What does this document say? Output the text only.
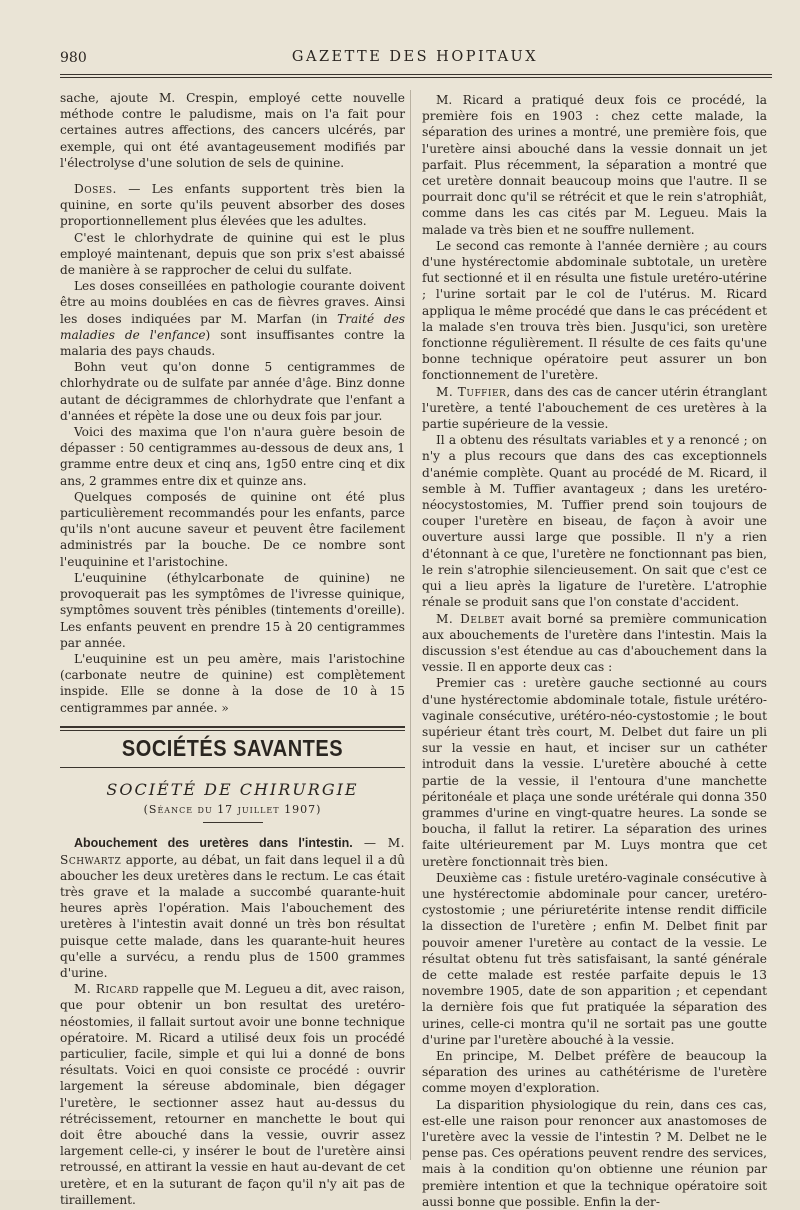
980	GAZETTE DES HOPITAUX

sache, ajoute M. Crespin, employé cette nouvelle méthode contre le paludisme, mais on l'a fait pour certaines autres affections, des cancers ulcérés, par exemple, qui ont été avantageusement modifiés par l'électrolyse d'une solution de sels de quinine.

Doses. — Les enfants supportent très bien la quinine, en sorte qu'ils peuvent absorber des doses proportionnellement plus élevées que les adultes.

C'est le chlorhydrate de quinine qui est le plus employé maintenant, depuis que son prix s'est abaissé de manière à se rapprocher de celui du sulfate.

Les doses conseillées en pathologie courante doivent être au moins doublées en cas de fièvres graves. Ainsi les doses indiquées par M. Marfan (in Traité des maladies de l'enfance) sont insuffisantes contre la malaria des pays chauds.

Bohn veut qu'on donne 5 centigrammes de chlorhydrate ou de sulfate par année d'âge. Binz donne autant de décigrammes de chlorhydrate que l'enfant a d'années et répète la dose une ou deux fois par jour.

Voici des maxima que l'on n'aura guère besoin de dépasser : 50 centigrammes au-dessous de deux ans, 1 gramme entre deux et cinq ans, 1g50 entre cinq et dix ans, 2 grammes entre dix et quinze ans.

Quelques composés de quinine ont été plus particulièrement recommandés pour les enfants, parce qu'ils n'ont aucune saveur et peuvent être facilement administrés par la bouche. De ce nombre sont l'euquinine et l'aristochine.

L'euquinine (éthylcarbonate de quinine) ne provoquerait pas les symptômes de l'ivresse quinique, symptômes souvent très pénibles (tintements d'oreille). Les enfants peuvent en prendre 15 à 20 centigrammes par année.

L'euquinine est un peu amère, mais l'aristochine (carbonate neutre de quinine) est complètement inspide. Elle se donne à la dose de 10 à 15 centigrammes par année. »

SOCIÉTÉS SAVANTES
SOCIÉTÉ DE CHIRURGIE
(Séance du 17 juillet 1907)

Abouchement des uretères dans l'intestin. — M. Schwartz apporte, au débat, un fait dans lequel il a dû aboucher les deux uretères dans le rectum. Le cas était très grave et la malade a succombé quarante-huit heures après l'opération. Mais l'abouchement des uretères à l'intestin avait donné un très bon résultat puisque cette malade, dans les quarante-huit heures qu'elle a survécu, a rendu plus de 1500 grammes d'urine.

M. Ricard rappelle que M. Legueu a dit, avec raison, que pour obtenir un bon resultat des uretéro-néostomies, il fallait surtout avoir une bonne technique opératoire. M. Ricard a utilisé deux fois un procédé particulier, facile, simple et qui lui a donné de bons résultats. Voici en quoi consiste ce procédé : ouvrir largement la séreuse abdominale, bien dégager l'uretère, le sectionner assez haut au-dessus du rétrécissement, retourner en manchette le bout qui doit être abouché dans la vessie, ouvrir assez largement celle-ci, y insérer le bout de l'uretère ainsi retroussé, en attirant la vessie en haut au-devant de cet uretère, et en la suturant de façon qu'il n'y ait pas de tiraillement.

M. Ricard a pratiqué deux fois ce procédé, la première fois en 1903 : chez cette malade, la séparation des urines a montré, une première fois, que l'uretère ainsi abouché dans la vessie donnait un jet parfait. Plus récemment, la séparation a montré que cet uretère donnait beaucoup moins que l'autre. Il se pourrait donc qu'il se rétrécit et que le rein s'atrophiât, comme dans les cas cités par M. Legueu. Mais la malade va très bien et ne souffre nullement.

Le second cas remonte à l'année dernière ; au cours d'une hystérectomie abdominale subtotale, un uretère fut sectionné et il en résulta une fistule uretéro-utérine ; l'urine sortait par le col de l'utérus. M. Ricard appliqua le même procédé que dans le cas précédent et la malade s'en trouva très bien. Jusqu'ici, son uretère fonctionne régulièrement. Il résulte de ces faits qu'une bonne technique opératoire peut assurer un bon fonctionnement de l'uretère.

M. Tuffier, dans des cas de cancer utérin étranglant l'uretère, a tenté l'abouchement de ces uretères à la partie supérieure de la vessie.

Il a obtenu des résultats variables et y a renoncé ; on n'y a plus recours que dans des cas exceptionnels d'anémie complète. Quant au procédé de M. Ricard, il semble à M. Tuffier avantageux ; dans les uretéro-néocystostomies, M. Tuffier prend soin toujours de couper l'uretère en biseau, de façon à avoir une ouverture aussi large que possible. Il n'y a rien d'étonnant à ce que, l'uretère ne fonctionnant pas bien, le rein s'atrophie silencieusement. On sait que c'est ce qui a lieu après la ligature de l'uretère. L'atrophie rénale se produit sans que l'on constate d'accident.

M. Delbet avait borné sa première communication aux abouchements de l'uretère dans l'intestin. Mais la discussion s'est étendue au cas d'abouchement dans la vessie. Il en apporte deux cas :

Premier cas : uretère gauche sectionné au cours d'une hystérectomie abdominale totale, fistule urétéro-vaginale consécutive, urétéro-néo-cystostomie ; le bout supérieur étant très court, M. Delbet dut faire un pli sur la vessie en haut, et inciser sur un cathéter introduit dans la vessie. L'uretère abouché à cette partie de la vessie, il l'entoura d'une manchette péritonéale et plaça une sonde urétérale qui donna 350 grammes d'urine en vingt-quatre heures. La sonde se boucha, il fallut la retirer. La séparation des urines faite ultérieurement par M. Luys montra que cet uretère fonctionnait très bien.

Deuxième cas : fistule uretéro-vaginale consécutive à une hystérectomie abdominale pour cancer, uretéro-cystostomie ; une périuretérite intense rendit difficile la dissection de l'uretère ; enfin M. Delbet finit par pouvoir amener l'uretère au contact de la vessie. Le résultat obtenu fut très satisfaisant, la santé générale de cette malade est restée parfaite depuis le 13 novembre 1905, date de son apparition ; et cependant la dernière fois que fut pratiquée la séparation des urines, celle-ci montra qu'il ne sortait pas une goutte d'urine par l'uretère abouché à la vessie.

En principe, M. Delbet préfère de beaucoup la séparation des urines au cathétérisme de l'uretère comme moyen d'exploration.

La disparition physiologique du rein, dans ces cas, est-elle une raison pour renoncer aux anastomoses de l'uretère avec la vessie de l'intestin ? M. Delbet ne le pense pas. Ces opérations peuvent rendre des services, mais à la condition qu'on obtienne une réunion par première intention et que la technique opératoire soit aussi bonne que possible. Enfin la der-
